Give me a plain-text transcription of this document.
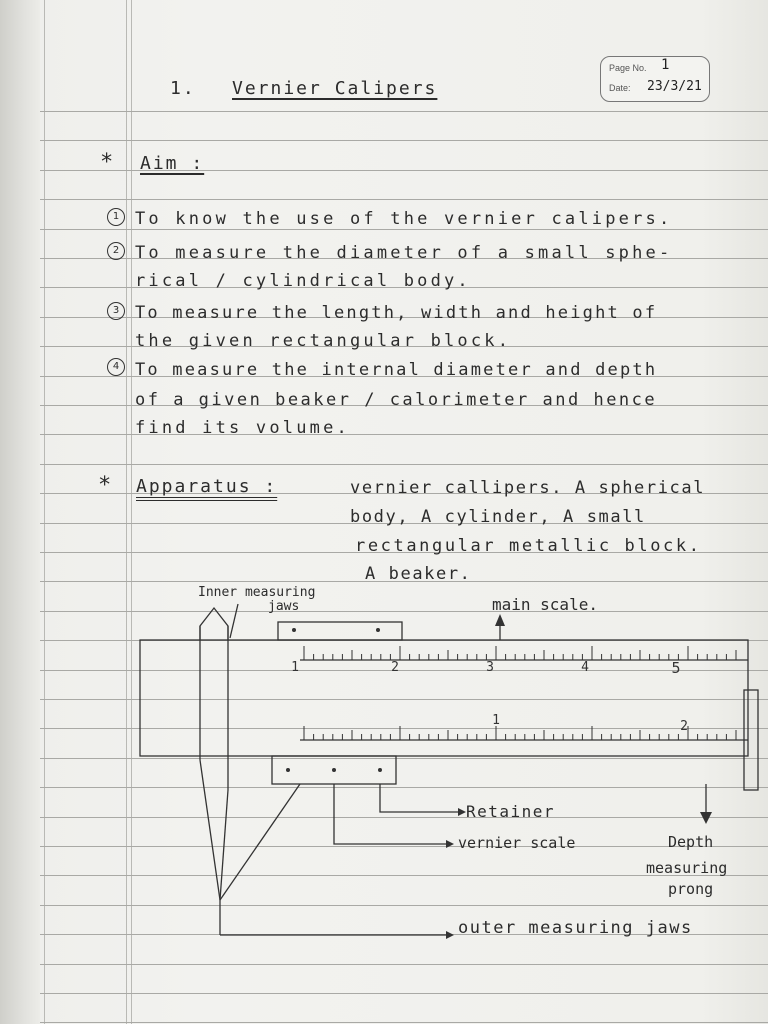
1. Vernier Calipers
Page No. 1
Date: 23/3/21
* Aim :
1 To know the use of the vernier calipers.
2 To measure the diameter of a small sphe-
rical / cylindrical body.
3 To measure the length, width and height of
the given rectangular block.
4 To measure the internal diameter and depth
of a given beaker / calorimeter and hence
find its volume.
* Apparatus :	vernier callipers. A spherical
body, A cylinder, A small
rectangular metallic block.
A beaker.
1	2	3	4	5
1	2
Inner measuring
jaws	main scale.
Retainer
vernier scale	Depth
measuring
prong
outer measuring jaws
